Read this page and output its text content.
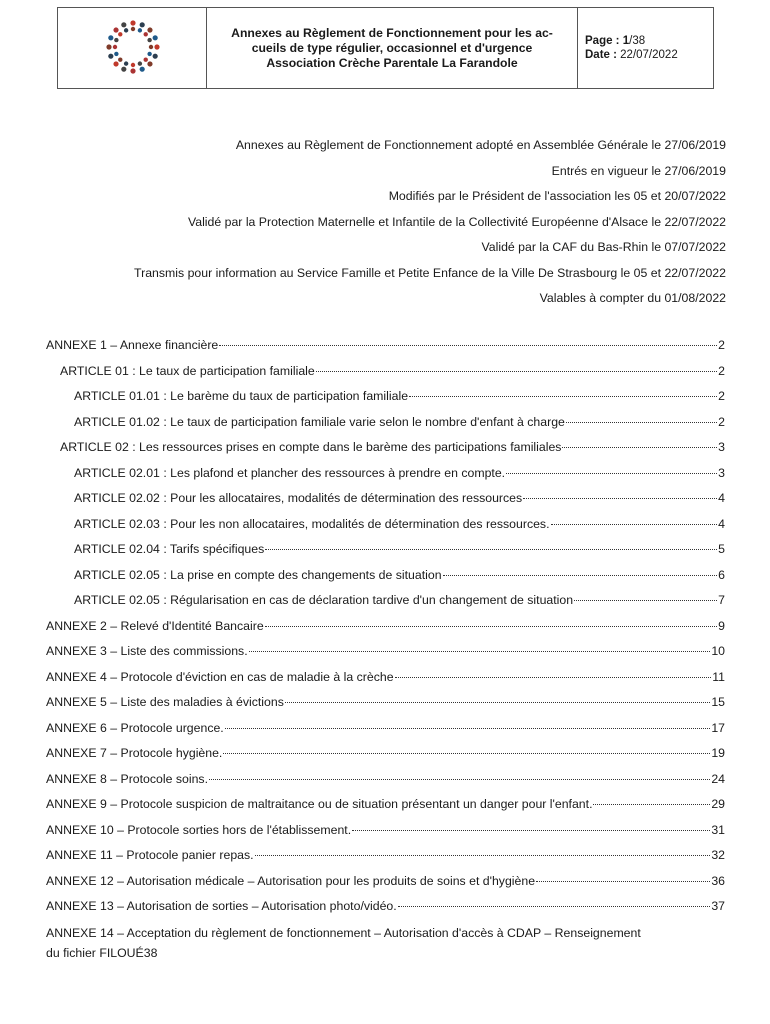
Annexes au Règlement de Fonctionnement pour les ac-
cueils de type régulier, occasionnel et d'urgence
Association Crèche Parentale La Farandole
Page : 1/38
Date : 22/07/2022
Annexes au Règlement de Fonctionnement adopté en Assemblée Générale le 27/06/2019
Entrés en vigueur le 27/06/2019
Modifiés par le Président de l'association les 05 et 20/07/2022
Validé par la Protection Maternelle et Infantile de la Collectivité Européenne d'Alsace le 22/07/2022
Validé par la CAF du Bas-Rhin le 07/07/2022
Transmis pour information au Service Famille et Petite Enfance de la Ville De Strasbourg le 05 et 22/07/2022
Valables à compter du 01/08/2022
ANNEXE 1 – Annexe financière	2
ARTICLE 01 : Le taux de participation familiale	2
ARTICLE 01.01 : Le barème du taux de participation familiale	2
ARTICLE 01.02 : Le taux de participation familiale varie selon le nombre d'enfant à charge	2
ARTICLE 02 : Les ressources prises en compte dans le barème des participations familiales	3
ARTICLE 02.01 : Les plafond et plancher des ressources à prendre en compte.	3
ARTICLE 02.02 : Pour les allocataires, modalités de détermination des ressources	4
ARTICLE 02.03 : Pour les non allocataires, modalités de détermination des ressources.	4
ARTICLE 02.04 : Tarifs spécifiques	5
ARTICLE 02.05 : La prise en compte des changements de situation	6
ARTICLE 02.05 : Régularisation en cas de déclaration tardive d'un changement de situation	7
ANNEXE 2 – Relevé d'Identité Bancaire	9
ANNEXE 3 – Liste des commissions.	10
ANNEXE 4 – Protocole d'éviction en cas de maladie à la crèche	11
ANNEXE 5 – Liste des maladies à évictions	15
ANNEXE 6 – Protocole urgence.	17
ANNEXE 7 – Protocole hygiène.	19
ANNEXE 8 – Protocole soins.	24
ANNEXE 9 – Protocole suspicion de maltraitance ou de situation présentant un danger pour l'enfant.	29
ANNEXE 10 – Protocole sorties hors de l'établissement.	31
ANNEXE 11 – Protocole panier repas.	32
ANNEXE 12 – Autorisation médicale – Autorisation pour les produits de soins et d'hygiène	36
ANNEXE 13 – Autorisation de sorties – Autorisation photo/vidéo.	37
ANNEXE 14 – Acceptation du règlement de fonctionnement – Autorisation d'accès à CDAP – Renseignement
du fichier FILOUÉ 38
